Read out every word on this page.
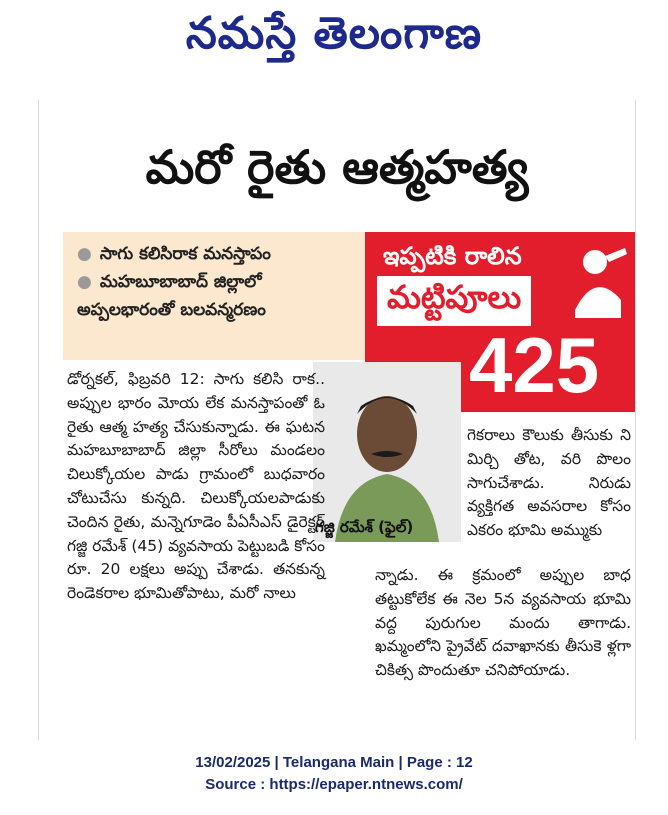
నమస్తే తెలంగాణ
మరో రైతు ఆత్మహత్య
● సాగు కలిసిరాక మనస్తాపం
● మహబూబాబాద్ జిల్లాలో
అప్పలభారంతో బలవన్మరణం
ఇప్పటికి రాలిన
మట్టిపూలు
425
గజ్జి రమేశ్ (ఫైల్)
డోర్నకల్, ఫిబ్రవరి 12: సాగు కలిసి రాక.. అప్పుల భారం మోయ లేక మనస్తాపంతో ఓ రైతు ఆత్మ హత్య చేసుకున్నాడు. ఈ ఘటన మహబూబాబాద్ జిల్లా సీరోలు మండలం చిలుక్కోయల పాడు గ్రామంలో బుధవారం చోటుచేసు కున్నది. చిలుక్కోయలపాడుకు చెందిన రైతు, మన్నెగూడెం పీఏసీఎస్ డైరెక్టర్ గజ్జి రమేశ్ (45) వ్యవసాయ పెట్టుబడి కోసం రూ. 20 లక్షలు అప్పు చేశాడు. తనకున్న రెండెకరాల భూమితోపాటు, మరో నాలు
గెకరాలు కౌలుకు తీసుకు ని మిర్చి తోట, వరి పొలం సాగుచేశాడు. నిరుడు వ్యక్తిగత అవసరాల కోసం ఎకరం భూమి అమ్ముకు
న్నాడు. ఈ క్రమంలో అప్పుల బాధ తట్టుకోలేక ఈ నెల 5న వ్యవసాయ భూమి వద్ద పురుగుల మందు తాగాడు. ఖమ్మంలోని ప్రైవేట్ దవాఖానకు తీసుకె ళ్లగా చికిత్స పొందుతూ చనిపోయాడు.
13/02/2025 | Telangana Main | Page : 12
Source : https://epaper.ntnews.com/
